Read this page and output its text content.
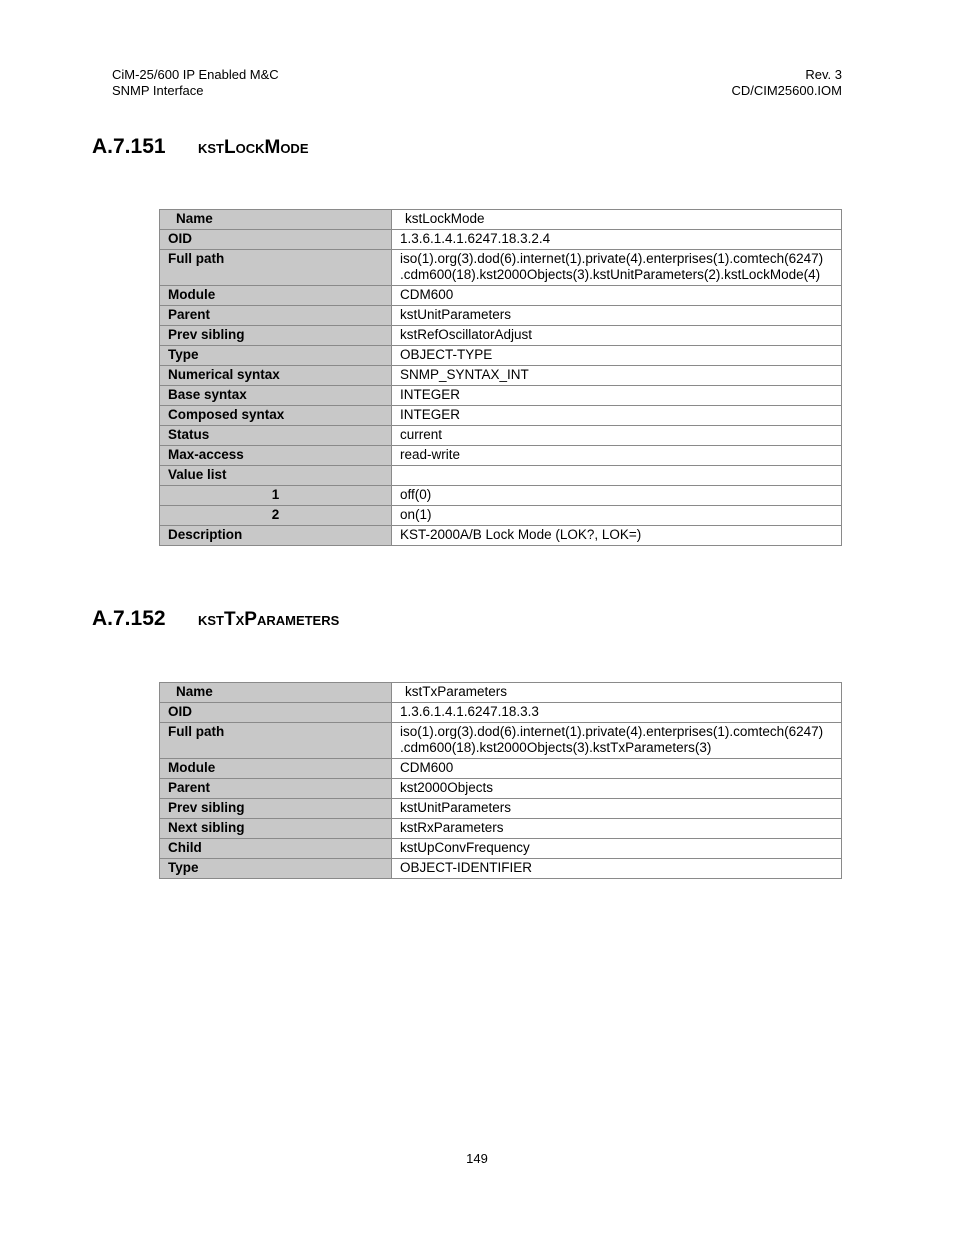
CiM-25/600 IP Enabled M&C
SNMP Interface
Rev. 3
CD/CIM25600.IOM
A.7.151 kstLockMode
Name	kstLockMode
OID	1.3.6.1.4.1.6247.18.3.2.4
Full path	iso(1).org(3).dod(6).internet(1).private(4).enterprises(1).comtech(6247)
.cdm600(18).kst2000Objects(3).kstUnitParameters(2).kstLockMode(4)

Module	CDM600
Parent	kstUnitParameters
Prev sibling	kstRefOscillatorAdjust
Type	OBJECT-TYPE
Numerical syntax	SNMP_SYNTAX_INT
Base syntax	INTEGER
Composed syntax	INTEGER
Status	current
Max-access	read-write
Value list	
1	off(0)
2	on(1)
Description	KST-2000A/B Lock Mode (LOK?, LOK=)
A.7.152 kstTxParameters
Name	kstTxParameters
OID	1.3.6.1.4.1.6247.18.3.3
Full path	iso(1).org(3).dod(6).internet(1).private(4).enterprises(1).comtech(6247)
.cdm600(18).kst2000Objects(3).kstTxParameters(3)

Module	CDM600
Parent	kst2000Objects
Prev sibling	kstUnitParameters
Next sibling	kstRxParameters
Child	kstUpConvFrequency
Type	OBJECT-IDENTIFIER
149
